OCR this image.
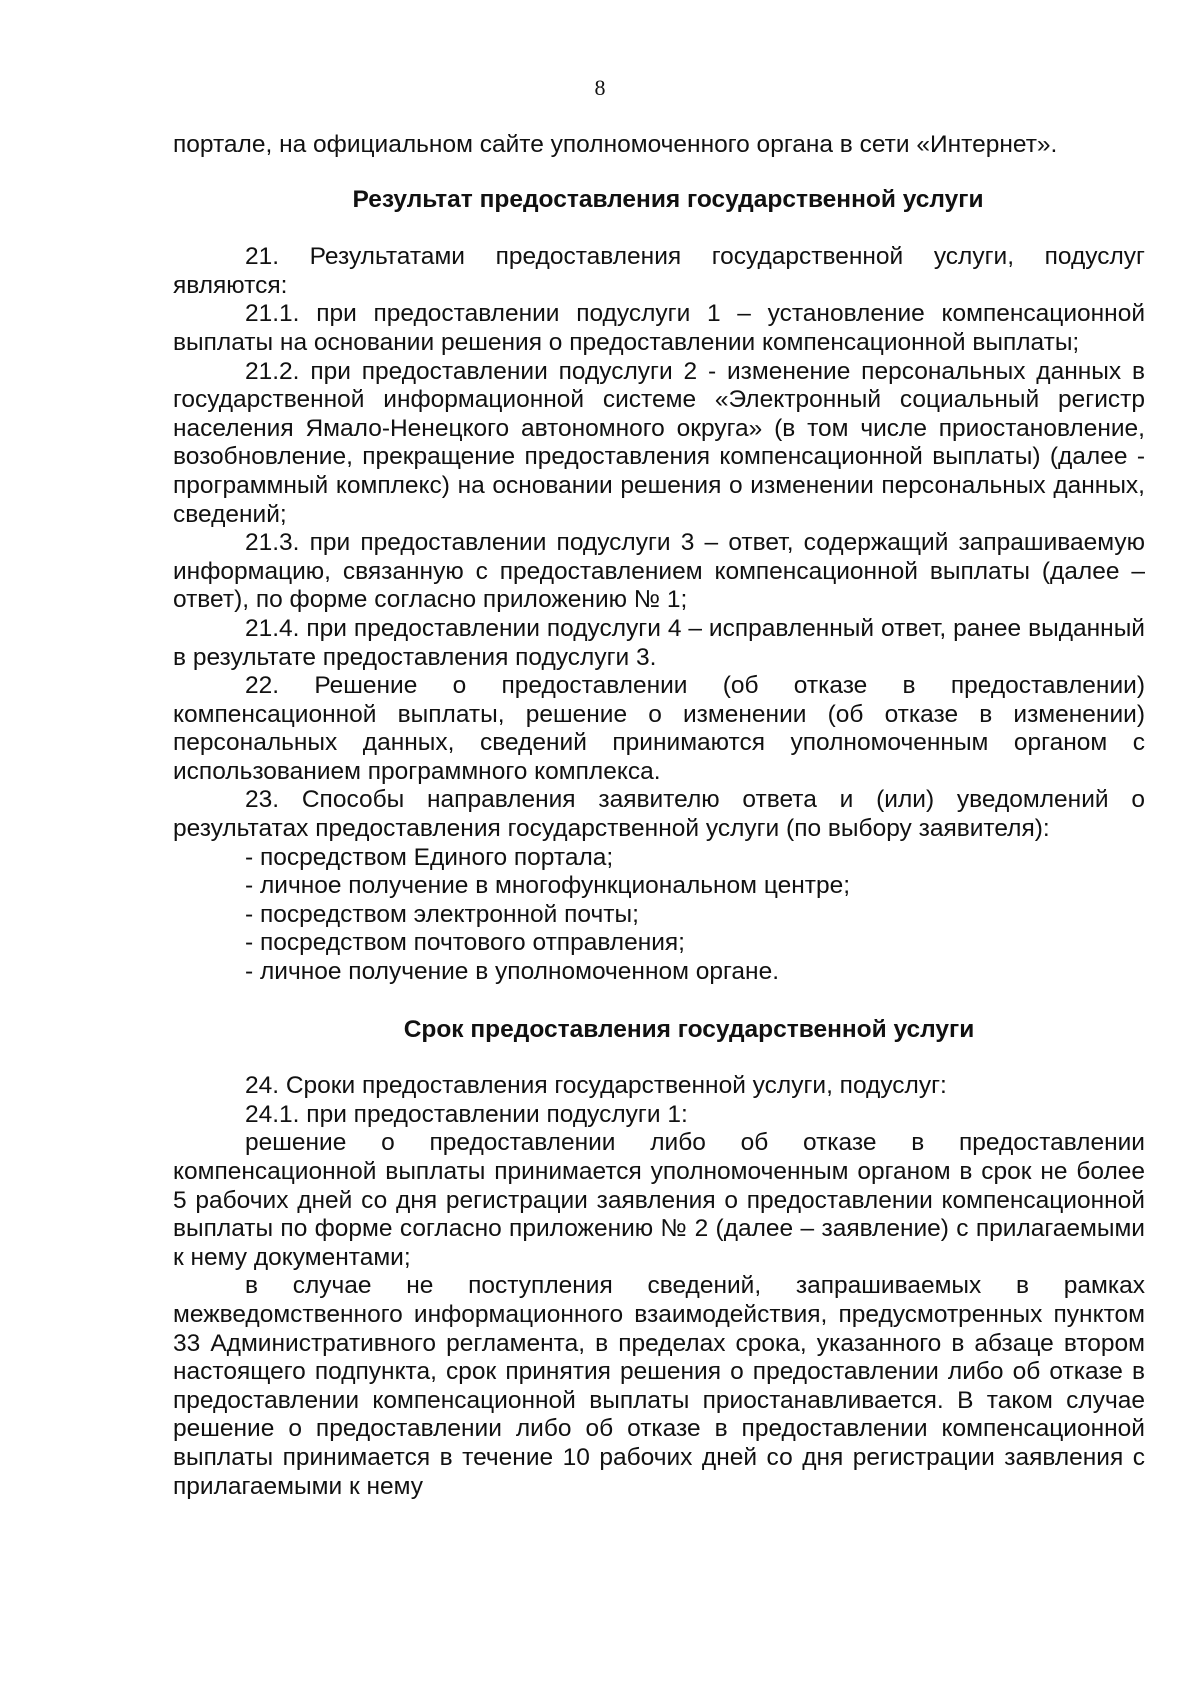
8

порталe, на официальном сайте уполномоченного органа в сети «Интернет».

Результат предоставления государственной услуги

21. Результатами предоставления государственной услуги, подуслуг являются:

21.1. при предоставлении подуслуги 1 – установление компенсационной выплаты на основании решения о предоставлении компенсационной выплаты;

21.2. при предоставлении подуслуги 2 - изменение персональных данных в государственной информационной системе «Электронный социальный регистр населения Ямало-Ненецкого автономного округа» (в том числе приостановление, возобновление, прекращение предоставления компенсационной выплаты) (далее - программный комплекс) на основании решения о изменении персональных данных, сведений;

21.3. при предоставлении подуслуги 3 – ответ, содержащий запрашиваемую информацию, связанную с предоставлением компенсационной выплаты (далее – ответ), по форме согласно приложению № 1;

21.4. при предоставлении подуслуги 4 – исправленный ответ, ранее выданный в результате предоставления подуслуги 3.

22. Решение о предоставлении (об отказе в предоставлении) компенсационной выплаты, решение о изменении (об отказе в изменении) персональных данных, сведений принимаются уполномоченным органом с использованием программного комплекса.

23. Способы направления заявителю ответа и (или) уведомлений о результатах предоставления государственной услуги (по выбору заявителя):

- посредством Единого портала;

- личное получение в многофункциональном центре;

- посредством электронной почты;

- посредством почтового отправления;

- личное получение в уполномоченном органе.

Срок предоставления государственной услуги

24. Сроки предоставления государственной услуги, подуслуг:

24.1. при предоставлении подуслуги 1:

решение о предоставлении либо об отказе в предоставлении компенсационной выплаты принимается уполномоченным органом в срок не более 5 рабочих дней со дня регистрации заявления о предоставлении компенсационной выплаты по форме согласно приложению № 2 (далее – заявление) с прилагаемыми к нему документами;

в случае не поступления сведений, запрашиваемых в рамках межведомственного информационного взаимодействия, предусмотренных пунктом 33 Административного регламента, в пределах срока, указанного в абзаце втором настоящего подпункта, срок принятия решения о предоставлении либо об отказе в предоставлении компенсационной выплаты приостанавливается. В таком случае решение о предоставлении либо об отказе в предоставлении компенсационной выплаты принимается в течение 10 рабочих дней со дня регистрации заявления с прилагаемыми к нему
